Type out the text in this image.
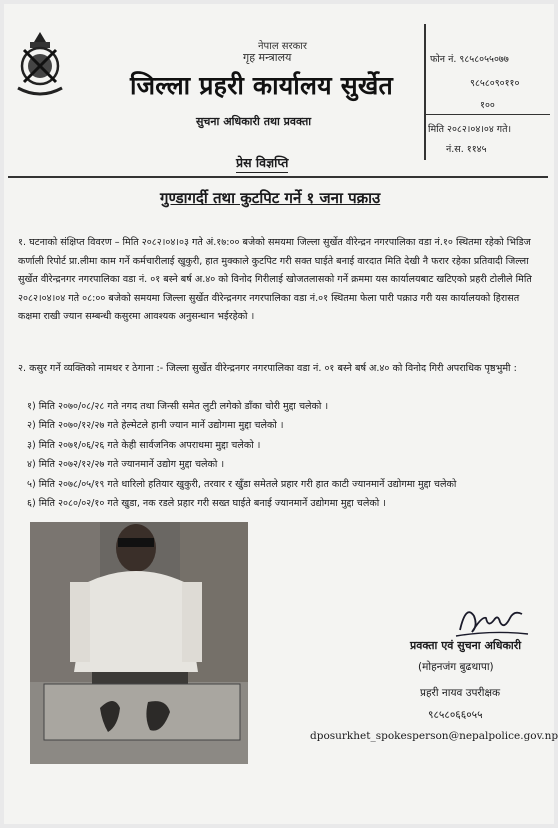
नेपाल सरकार
गृह मन्त्रालय
जिल्ला प्रहरी कार्यालय सुर्खेत
सुचना अधिकारी तथा प्रवक्ता
प्रेस विज्ञप्ति
फोन नं. ९८५८०५५०७७
९८५८०९०११०
१००
मिति २०८२।०४।०४ गते।
नं.स. ११४५
गुण्डागर्दी तथा कुटपिट गर्ने १ जना पक्राउ
१. घटनाको संक्षिप्त विवरण – मिति २०८२।०४।०३ गते अं.१७:०० बजेको समयमा जिल्ला सुर्खेत वीरेन्द्रन नगरपालिका वडा नं.१० स्थितमा रहेको भिडिज कर्णाली रिपोर्ट प्रा.लीमा काम गर्ने कर्मचारीलाई खुकुरी, हात मुक्काले कुटपिट गरी सक्त घाईते बनाई वारदात मिति देखी नै फरार रहेका प्रतिवादी जिल्ला सुर्खेत वीरेन्द्रनगर नगरपालिका वडा नं. ०१ बस्ने बर्ष अ.४० को विनोद गिरीलाई खोजतलासको गर्ने क्रममा यस कार्यालयबाट खटिएको प्रहरी टोलीले मिति २०८२।०४।०४ गते ०८:०० बजेको समयमा जिल्ला सुर्खेत वीरेन्द्रनगर नगरपालिका वडा नं.०१ स्थितमा फेला पारी पक्राउ गरी यस कार्यालयको हिरासत कक्षमा राखी ज्यान सम्बन्धी कसुरमा आवश्यक अनुसन्धान भईरहेको ।
२. कसुर गर्ने व्यक्तिको नामथर र ठेगाना :- जिल्ला सुर्खेत वीरेन्द्रनगर नगरपालिका वडा नं. ०१ बस्ने बर्ष अ.४० को विनोद गिरी अपराधिक पृष्ठभुमी :
१) मिति २०७०/०८/२८ गते नगद तथा जिन्सी समेत लुटी लगेको डाँका चोरी मुद्दा चलेको ।
२) मिति २०७०/१२/२७ गते हेल्मेटले हानी ज्यान मार्ने उद्योगमा मुद्दा चलेको ।
३) मिति २०७१/०६/२६ गते केही सार्वजनिक अपराधमा मुद्दा चलेको ।
४) मिति २०७२/१२/२७ गते ज्यानमार्ने उद्योग मुद्दा चलेको ।
५) मिति २०७८/०५/१९ गते धारिलो हतियार खुकुरी, तरवार र खुँडा समेतले प्रहार गरी हात काटी ज्यानमार्ने उद्योगमा मुद्दा चलेको
६) मिति २०८०/०२/१० गते खुडा, नक रडले प्रहार गरी सख्त घाईते बनाई ज्यानमार्ने उद्योगमा मुद्दा चलेको ।
प्रवक्ता एवं सुचना अधिकारी
(मोहनजंग बुढथापा)
प्रहरी नायव उपरीक्षक
९८५८०६६०५५
dposurkhet_spokesperson@nepalpolice.gov.np
